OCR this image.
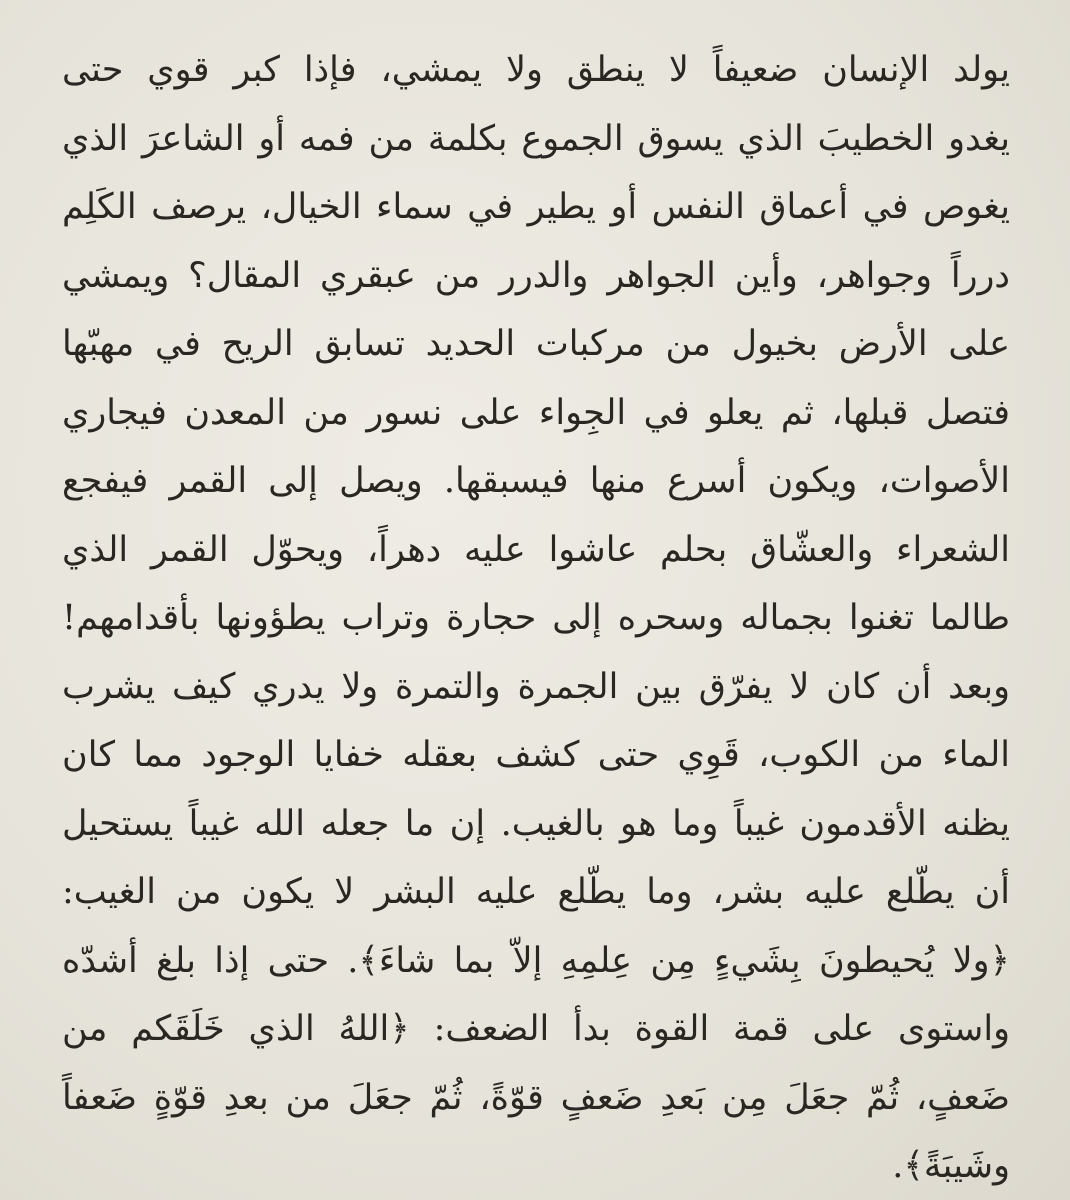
يولد الإنسان ضعيفاً لا ينطق ولا يمشي، فإذا كبر قوي حتى
يغدو الخطيبَ الذي يسوق الجموع بكلمة من فمه أو الشاعرَ الذي
يغوص في أعماق النفس أو يطير في سماء الخيال، يرصف الكَلِم
درراً وجواهر، وأين الجواهر والدرر من عبقري المقال؟ ويمشي
على الأرض بخيول من مركبات الحديد تسابق الريح في مهبّها
فتصل قبلها، ثم يعلو في الجِواء على نسور من المعدن فيجاري
الأصوات، ويكون أسرع منها فيسبقها. ويصل إلى القمر فيفجع
الشعراء والعشّاق بحلم عاشوا عليه دهراً، ويحوّل القمر الذي
طالما تغنوا بجماله وسحره إلى حجارة وتراب يطؤونها بأقدامهم!
وبعد أن كان لا يفرّق بين الجمرة والتمرة ولا يدري كيف يشرب
الماء من الكوب، قَوِي حتى كشف بعقله خفايا الوجود مما كان
يظنه الأقدمون غيباً وما هو بالغيب. إن ما جعله الله غيباً يستحيل
أن يطّلع عليه بشر، وما يطّلع عليه البشر لا يكون من الغيب:
﴿ولا يُحيطونَ بِشَيءٍ مِن عِلمِهِ إلاّ بما شاءَ﴾. حتى إذا بلغ أشدّه
واستوى على قمة القوة بدأ الضعف: ﴿اللهُ الذي خَلَقَكم من
ضَعفٍ، ثُمّ جعَلَ مِن بَعدِ ضَعفٍ قوّةً، ثُمّ جعَلَ من بعدِ قوّةٍ ضَعفاً
وشَيبَةً﴾.
